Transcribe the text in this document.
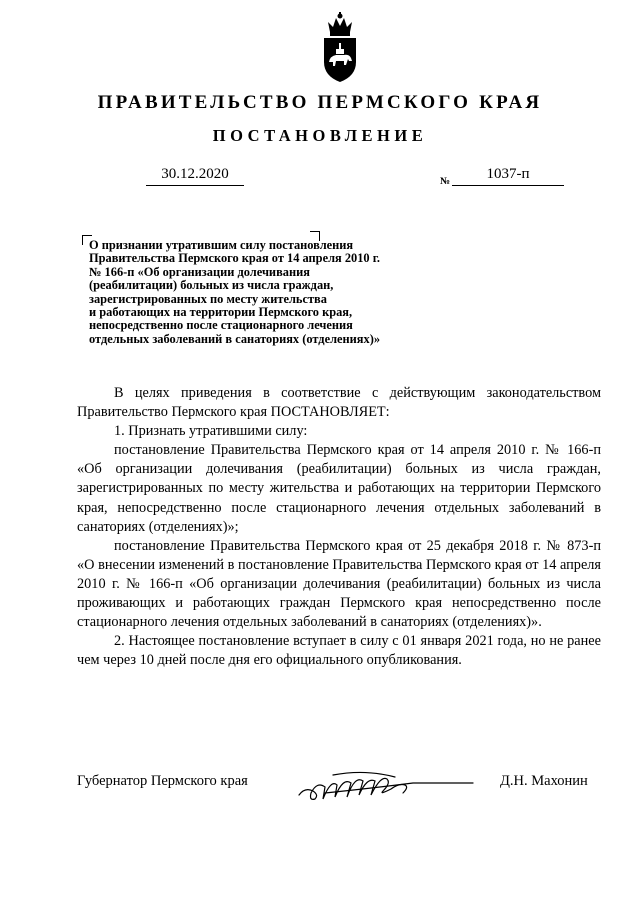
ПРАВИТЕЛЬСТВО ПЕРМСКОГО КРАЯ
ПОСТАНОВЛЕНИЕ
30.12.2020	№	1037-п
О признании утратившим силу постановления
Правительства Пермского края от 14 апреля 2010 г.
№ 166-п «Об организации долечивания
(реабилитации) больных из числа граждан,
зарегистрированных по месту жительства
и работающих на территории Пермского края,
непосредственно после стационарного лечения
отдельных заболеваний в санаториях (отделениях)»

В целях приведения в соответствие с действующим законодательством Правительство Пермского края ПОСТАНОВЛЯЕТ:

1. Признать утратившими силу:

постановление Правительства Пермского края от 14 апреля 2010 г. № 166-п «Об организации долечивания (реабилитации) больных из числа граждан, зарегистрированных по месту жительства и работающих на территории Пермского края, непосредственно после стационарного лечения отдельных заболеваний в санаториях (отделениях)»;

постановление Правительства Пермского края от 25 декабря 2018 г. № 873-п «О внесении изменений в постановление Правительства Пермского края от 14 апреля 2010 г. № 166-п «Об организации долечивания (реабилитации) больных из числа проживающих и работающих граждан Пермского края непосредственно после стационарного лечения отдельных заболеваний в санаториях (отделениях)».

2. Настоящее постановление вступает в силу с 01 января 2021 года, но не ранее чем через 10 дней после дня его официального опубликования.

Губернатор Пермского края	Д.Н. Махонин
